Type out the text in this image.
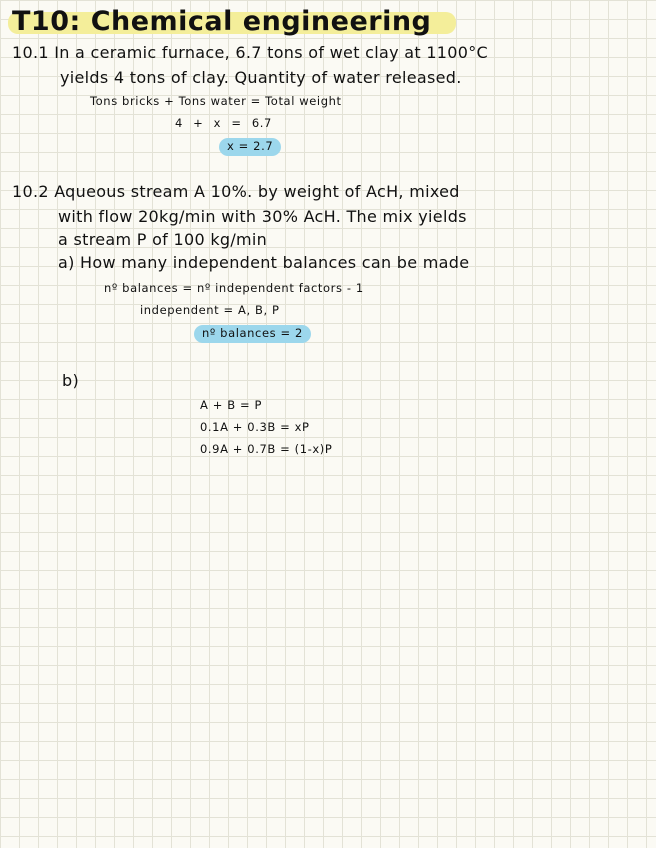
T10: Chemical engineering
10.1 In a ceramic furnace, 6.7 tons of wet clay at 1100°C
yields 4 tons of clay. Quantity of water released.
Tons bricks + Tons water = Total weight
4 + x = 6.7
x = 2.7
10.2 Aqueous stream A 10%. by weight of AcH, mixed
with flow 20kg/min with 30% AcH. The mix yields
a stream P of 100 kg/min
a) How many independent balances can be made
nº balances = nº independent factors - 1
independent = A, B, P
nº balances = 2
b)
A + B = P
0.1A + 0.3B = xP
0.9A + 0.7B = (1-x)P
